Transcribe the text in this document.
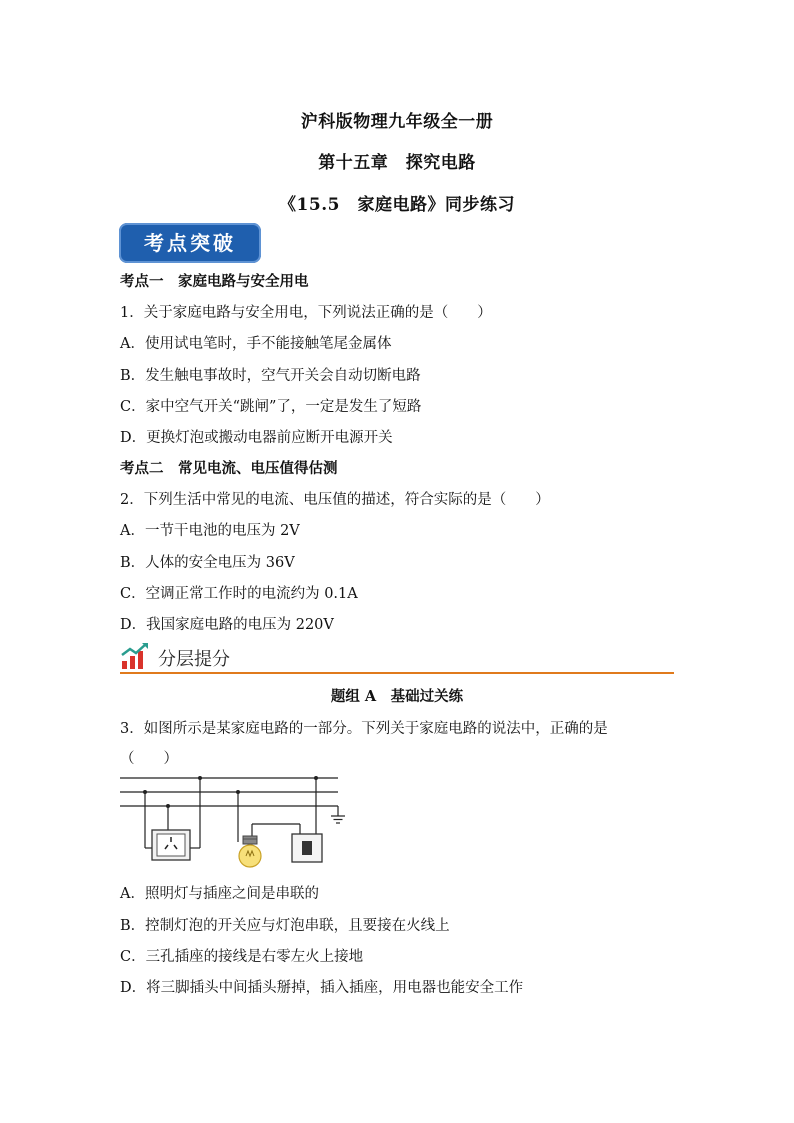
沪科版物理九年级全一册
第十五章　探究电路
《15.5　家庭电路》同步练习
考点突破
考点一　家庭电路与安全用电
1．关于家庭电路与安全用电，下列说法正确的是（　　）
A．使用试电笔时，手不能接触笔尾金属体
B．发生触电事故时，空气开关会自动切断电路
C．家中空气开关“跳闸”了，一定是发生了短路
D．更换灯泡或搬动电器前应断开电源开关
考点二　常见电流、电压值得估测
2．下列生活中常见的电流、电压值的描述，符合实际的是（　　）
A．一节干电池的电压为 2V
B．人体的安全电压为 36V
C．空调正常工作时的电流约为 0.1A
D．我国家庭电路的电压为 220V
分层提分
题组 A　基础过关练
3．如图所示是某家庭电路的一部分。下列关于家庭电路的说法中，正确的是
（　　）
A．照明灯与插座之间是串联的
B．控制灯泡的开关应与灯泡串联，且要接在火线上
C．三孔插座的接线是右零左火上接地
D．将三脚插头中间插头掰掉，插入插座，用电器也能安全工作
